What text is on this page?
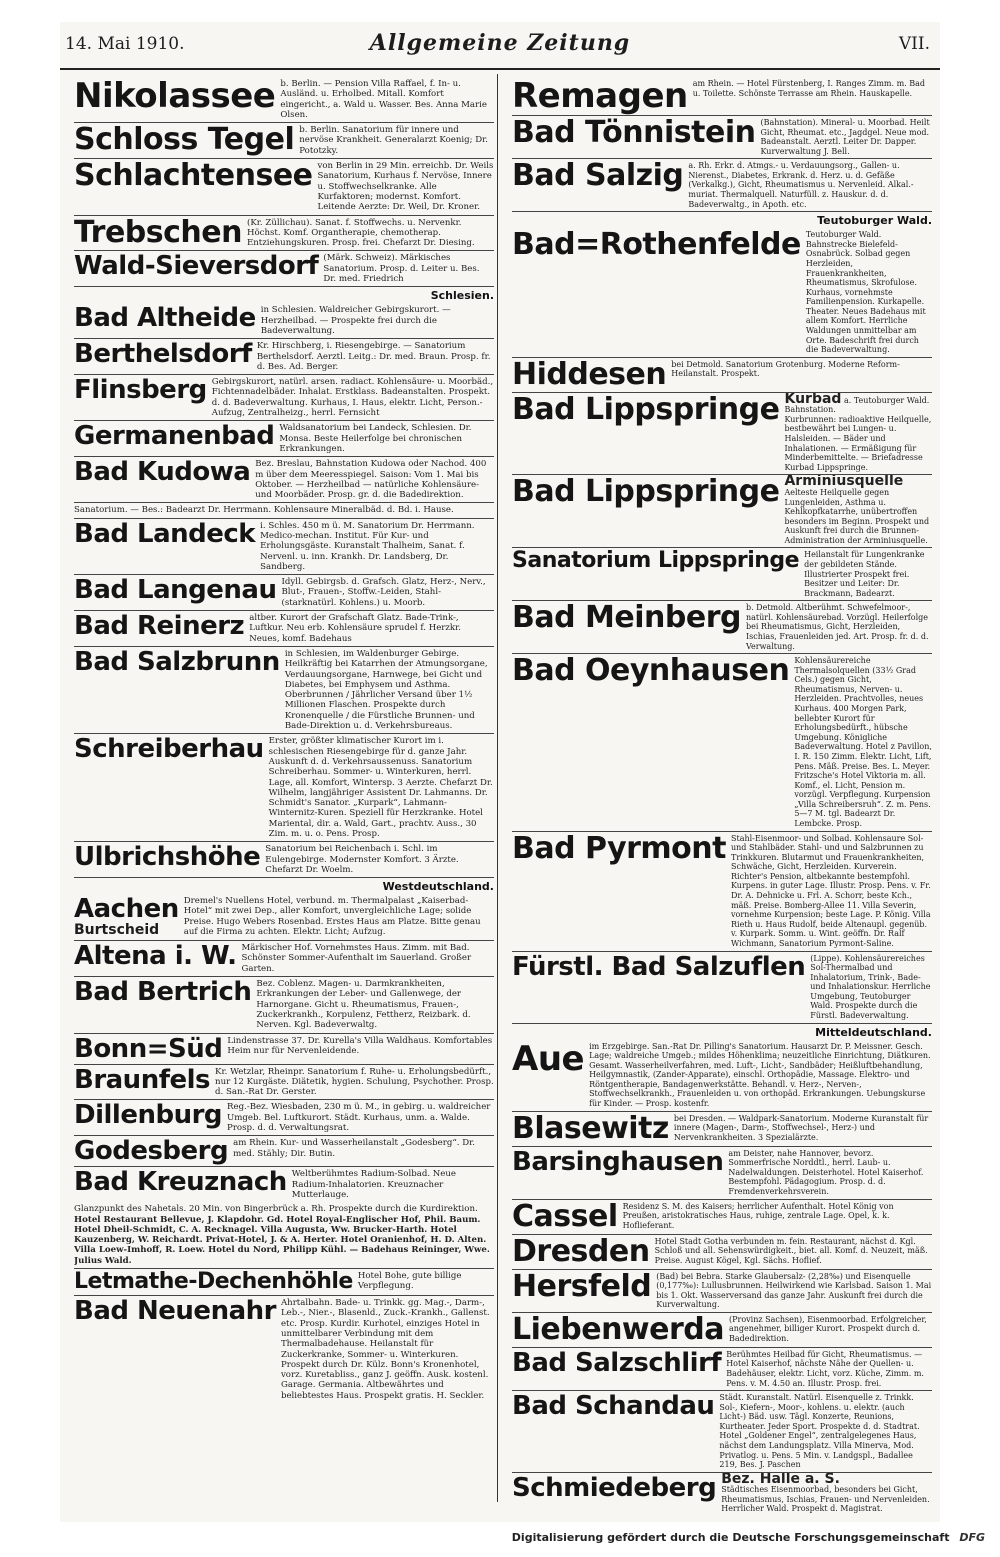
14. Mai 1910.	Allgemeine Zeitung	VII.
Nikolassee b. Berlin. — Pension Villa Raffael, f. In- u. Ausländ. u. Erholbed. Mitall. Komfort eingericht., a. Wald u. Wasser. Bes. Anna Marie Olsen.
Schloss Tegel b. Berlin. Sanatorium für innere und nervöse Krankheit. Generalarzt Koenig; Dr. Pototzky.
Schlachtensee von Berlin in 29 Min. erreichb. Dr. Weils Sanatorium, Kurhaus f. Nervöse, Innere u. Stoffwechselkranke. Alle Kurfaktoren; modernst. Komfort. Leitende Aerzte: Dr. Weil, Dr. Kroner.
Trebschen (Kr. Züllichau). Sanat. f. Stoffwechs. u. Nervenkr. Höchst. Komf. Organtherapie, chemotherap. Entziehungskuren. Prosp. frei. Chefarzt Dr. Diesing.
Wald-Sieversdorf (Märk. Schweiz). Märkisches Sanatorium. Prosp. d. Leiter u. Bes. Dr. med. Friedrich
Schlesien.
Bad Altheide in Schlesien. Waldreicher Gebirgskurort. — Herzheilbad. — Prospekte frei durch die Badeverwaltung.
Berthelsdorf Kr. Hirschberg, i. Riesengebirge. — Sanatorium Berthelsdorf. Aerztl. Leitg.: Dr. med. Braun. Prosp. fr. d. Bes. Ad. Berger.
Flinsberg Gebirgskurort, natürl. arsen. radiact. Kohlensäure- u. Moorbäd., Fichtennadelbäder. Inhalat. Erstklass. Badeanstalten. Prospekt. d. d. Badeverwaltung. Kurhaus, I. Haus, elektr. Licht, Person.-Aufzug, Zentralheizg., herrl. Fernsicht
Germanenbad Waldsanatorium bei Landeck, Schlesien. Dr. Monsa. Beste Heilerfolge bei chronischen Erkrankungen.
Bad Kudowa Bez. Breslau, Bahnstation Kudowa oder Nachod. 400 m über dem Meeresspiegel. Saison: Vom 1. Mai bis Oktober. — Herzheilbad — natürliche Kohlensäure- und Moorbäder. Prosp. gr. d. die Badedirektion.
Sanatorium. — Bes.: Badearzt Dr. Herrmann. Kohlensaure Mineralbäd. d. Bd. i. Hause.
Bad Landeck i. Schles. 450 m ü. M. Sanatorium Dr. Herrmann. Medico-mechan. Institut. Für Kur- und Erholungsgäste. Kuranstalt Thalheim, Sanat. f. Nervenl. u. inn. Krankh. Dr. Landsberg, Dr. Sandberg.
Bad Langenau Idyll. Gebirgsb. d. Grafsch. Glatz, Herz-, Nerv., Blut-, Frauen-, Stoffw.-Leiden, Stahl- (starknatürl. Kohlens.) u. Moorb.
Bad Reinerz altber. Kurort der Grafschaft Glatz. Bade-Trink-, Luftkur. Neu erb. Kohlensäure sprudel f. Herzkr. Neues, komf. Badehaus
Bad Salzbrunn in Schlesien, im Waldenburger Gebirge. Heilkräftig bei Katarrhen der Atmungsorgane, Verdauungsorgane, Harnwege, bei Gicht und Diabetes, bei Emphysem und Asthma. Oberbrunnen / Jährlicher Versand über 1½ Millionen Flaschen. Prospekte durch Kronenquelle / die Fürstliche Brunnen- und Bade-Direktion u. d. Verkehrsbureaus.
Schreiberhau Erster, größter klimatischer Kurort im i. schlesischen Riesengebirge für d. ganze Jahr. Auskunft d. d. Verkehrsaussenuss. Sanatorium Schreiberhau. Sommer- u. Winterkuren, herrl. Lage, all. Komfort, Wintersp. 3 Aerzte. Chefarzt Dr. Wilhelm, langjähriger Assistent Dr. Lahmanns. Dr. Schmidt's Sanator. „Kurpark“, Lahmann-Winternitz-Kuren. Speziell für Herzkranke. Hotel Mariental, dir. a. Wald, Gart., prachtv. Auss., 30 Zim. m. u. o. Pens. Prosp.
Ulbrichshöhe Sanatorium bei Reichenbach i. Schl. im Eulengebirge. Modernster Komfort. 3 Ärzte. Chefarzt Dr. Woelm.
Westdeutschland.
Aachen
Burtscheid
Dremel's Nuellens Hotel, verbund. m. Thermalpalast „Kaiserbad-Hotel“ mit zwei Dep., aller Komfort, unvergleichliche Lage; solide Preise. Hugo Webers Rosenbad. Erstes Haus am Platze. Bitte genau auf die Firma zu achten. Elektr. Licht; Aufzug.
Altena i. W. Märkischer Hof. Vornehmstes Haus. Zimm. mit Bad. Schönster Sommer-Aufenthalt im Sauerland. Großer Garten.
Bad Bertrich Bez. Coblenz. Magen- u. Darmkrankheiten, Erkrankungen der Leber- und Gallenwege, der Harnorgane. Gicht u. Rheumatismus, Frauen-, Zuckerkrankh., Korpulenz, Fettherz, Reizbark. d. Nerven. Kgl. Badeverwaltg.
Bonn=Süd Lindenstrasse 37. Dr. Kurella's Villa Waldhaus. Komfortables Heim nur für Nervenleidende.
Braunfels Kr. Wetzlar, Rheinpr. Sanatorium f. Ruhe- u. Erholungsbedürft., nur 12 Kurgäste. Diätetik, hygien. Schulung, Psychother. Prosp. d. San.-Rat Dr. Gerster.
Dillenburg Reg.-Bez. Wiesbaden, 230 m ü. M., in gebirg. u. waldreicher Umgeb. Bel. Luftkurort. Städt. Kurhaus, unm. a. Walde. Prosp. d. d. Verwaltungsrat.
Godesberg am Rhein. Kur- und Wasserheilanstalt „Godesberg“. Dr. med. Stähly; Dir. Butin.
Bad Kreuznach Weltberühmtes Radium-Solbad. Neue Radium-Inhalatorien. Kreuznacher Mutterlauge.
Glanzpunkt des Nahetals. 20 Min. von Bingerbrück a. Rh. Prospekte durch die Kurdirektion.
Hotel Restaurant Bellevue, J. Klapdohr. Gd. Hotel Royal-Englischer Hof, Phil. Baum. Hotel Dheil-Schmidt, C. A. Recknagel. Villa Augusta, Ww. Brucker-Harth. Hotel Kauzenberg, W. Reichardt. Privat-Hotel, J. & A. Herter. Hotel Oranienhof, H. D. Alten. Villa Loew-Imhoff, R. Loew. Hotel du Nord, Philipp Kühl. — Badehaus Reininger, Wwe. Julius Wald.
Letmathe-Dechenhöhle Hotel Bohe, gute billige Verpflegung.
Bad Neuenahr Ahrtalbahn. Bade- u. Trinkk. gg. Mag.-, Darm-, Leb.-, Nier.-, Blasenld., Zuck.-Krankh., Gallenst. etc. Prosp. Kurdir. Kurhotel, einziges Hotel in unmittelbarer Verbindung mit dem Thermalbadehause. Heilanstalt für Zuckerkranke, Sommer- u. Winterkuren. Prospekt durch Dr. Külz. Bonn's Kronenhotel, vorz. Kuretabliss., ganz J. geöffn. Ausk. kostenl. Garage. Germania. Altbewährtes und beliebtestes Haus. Prospekt gratis. H. Seckler.
Remagen am Rhein. — Hotel Fürstenberg, I. Ranges Zimm. m. Bad u. Toilette. Schönste Terrasse am Rhein. Hauskapelle.
Bad Tönnistein (Bahnstation). Mineral- u. Moorbad. Heilt Gicht, Rheumat. etc., Jagdgel. Neue mod. Badeanstalt. Aerztl. Leiter Dr. Dapper. Kurverwaltung J. Bell.
Bad Salzig a. Rh. Erkr. d. Atmgs.- u. Verdauungsorg., Gallen- u. Nierenst., Diabetes, Erkrank. d. Herz. u. d. Gefäße (Verkalkg.), Gicht, Rheumatismus u. Nervenleid. Alkal.-muriat. Thermalquell. Naturfüll. z. Hauskur. d. d. Badeverwaltg., in Apoth. etc.
Teutoburger Wald.
Bad=Rothenfelde Teutoburger Wald. Bahnstrecke Bielefeld-Osnabrück. Solbad gegen Herzleiden, Frauenkrankheiten, Rheumatismus, Skrofulose. Kurhaus, vornehmste Familienpension. Kurkapelle. Theater. Neues Badehaus mit allem Komfort. Herrliche Waldungen unmittelbar am Orte. Badeschrift frei durch die Badeverwaltung.
Hiddesen bei Detmold. Sanatorium Grotenburg. Moderne Reform-Heilanstalt. Prospekt.
Bad Lippspringe Kurbad a. Teutoburger Wald. Bahnstation.
Kurbrunnen: radioaktive Heilquelle, bestbewährt bei Lungen- u. Halsleiden. — Bäder und Inhalationen. — Ermäßigung für Minderbemittelte. — Briefadresse Kurbad Lippspringe.
Bad Lippspringe Arminiusquelle
Aelteste Heilquelle gegen Lungenleiden, Asthma u. Kehlkopfkatarrhe, unübertroffen besonders im Beginn. Prospekt und Auskunft frei durch die Brunnen-Administration der Arminiusquelle.
Sanatorium Lippspringe Heilanstalt für Lungenkranke der gebildeten Stände. Illustrierter Prospekt frei. Besitzer und Leiter: Dr. Brackmann, Badearzt.
Bad Meinberg b. Detmold. Altberühmt. Schwefelmoor-, natürl. Kohlensäurebad. Vorzügl. Heilerfolge bei Rheumatismus, Gicht, Herzleiden, Ischias, Frauenleiden jed. Art. Prosp. fr. d. d. Verwaltung.
Bad Oeynhausen Kohlensäurereiche Thermalsolquellen (33½ Grad Cels.) gegen Gicht, Rheumatismus, Nerven- u. Herzleiden. Prachtvolles, neues Kurhaus. 400 Morgen Park, bellebter Kurort für Erholungsbedürft., hübsche Umgebung. Königliche Badeverwaltung. Hotel z Pavillon, I. R. 150 Zimm. Elektr. Licht, Lift, Pens. Mäß. Preise. Bes. L. Meyer. Fritzsche's Hotel Viktoria m. all. Komf., el. Licht, Pension m. vorzügl. Verpflegung. Kurpension „Villa Schreibersruh“. Z. m. Pens. 5—7 M. tgl. Badearzt Dr. Lembcke. Prosp.
Bad Pyrmont Stahl-Eisenmoor- und Solbad. Kohlensaure Sol- und Stahlbäder. Stahl- und und Salzbrunnen zu Trinkkuren. Blutarmut und Frauenkrankheiten, Schwäche, Gicht, Herzleiden. Kurverein. Richter's Pension, altbekannte bestempfohl. Kurpens. in guter Lage. Illustr. Prosp. Pens. v. Fr. Dr. A. Dehnicke u. Frl. A. Schorr, beste Kch., mäß. Preise. Bomberg-Allee 11. Villa Severin, vornehme Kurpension; beste Lage. P. König. Villa Rieth u. Haus Rudolf, beide Altenaupl. gegenüb. v. Kurpark. Somm. u. Wint. geöffn. Dr. Ralf Wichmann, Sanatorium Pyrmont-Saline.
Fürstl. Bad Salzuflen (Lippe). Kohlensäurereiches Sol-Thermalbad und Inhalatorium, Trink-, Bade- und Inhalationskur. Herrliche Umgebung, Teutoburger Wald. Prospekte durch die Fürstl. Badeverwaltung.
Mitteldeutschland.
Aue im Erzgebirge. San.-Rat Dr. Pilling's Sanatorium. Hausarzt Dr. P. Meissner. Gesch. Lage; waldreiche Umgeb.; mildes Höhenklima; neuzeitliche Einrichtung, Diätkuren. Gesamt. Wasserheilverfahren, med. Luft-, Licht-, Sandbäder; Heißluftbehandlung, Heilgymnastik, (Zander-Apparate), einschl. Orthopädie, Massage. Elektro- und Röntgentherapie, Bandagenwerkstätte. Behandl. v. Herz-, Nerven-, Stoffwechselkrankh., Frauenleiden u. von orthopäd. Erkrankungen. Uebungskurse für Kinder. — Prosp. kostenfr.
Blasewitz bei Dresden. — Waldpark-Sanatorium. Moderne Kuranstalt für innere (Magen-, Darm-, Stoffwechsel-, Herz-) und Nervenkrankheiten. 3 Spezialärzte.
Barsinghausen am Deister, nahe Hannover, bevorz. Sommerfrische Norddtl., herrl. Laub- u. Nadelwaldungen. Deisterhotel. Hotel Kaiserhof. Bestempfohl. Pädagogium. Prosp. d. d. Fremdenverkehrsverein.
Cassel Residenz S. M. des Kaisers; herrlicher Aufenthalt. Hotel König von Preußen, aristokratisches Haus, ruhige, zentrale Lage. Opel, k. k. Hoflieferant.
Dresden Hotel Stadt Gotha verbunden m. fein. Restaurant, nächst d. Kgl. Schloß und all. Sehenswürdigkeit., biet. all. Komf. d. Neuzeit, mäß. Preise. August Kögel, Kgl. Sächs. Hoflief.
Hersfeld (Bad) bei Bebra. Starke Glaubersalz- (2,28‰) und Eisenquelle (0,177‰): Lullusbrunnen. Heilwirkend wie Karlsbad. Saison 1. Mai bis 1. Okt. Wasserversand das ganze Jahr. Auskunft frei durch die Kurverwaltung.
Liebenwerda (Provinz Sachsen), Eisenmoorbad. Erfolgreicher, angenehmer, billiger Kurort. Prospekt durch d. Badedirektion.
Bad Salzschlirf Berühmtes Heilbad für Gicht, Rheumatismus. — Hotel Kaiserhof, nächste Nähe der Quellen- u. Badehäuser, elektr. Licht, vorz. Küche, Zimm. m. Pens. v. M. 4.50 an. Illustr. Prosp. frei.
Bad Schandau Städt. Kuranstalt. Natürl. Eisenquelle z. Trinkk. Sol-, Kiefern-, Moor-, kohlens. u. elektr. (auch Licht-) Bäd. usw. Tägl. Konzerte, Reunions, Kurtheater. Jeder Sport. Prospekte d. d. Stadtrat. Hotel „Goldener Engel“, zentralgelegenes Haus, nächst dem Landungsplatz. Villa Minerva, Mod. Privatlog. u. Pens. 5 Min. v. Landgspl., Badallee 219, Bes. J. Paschen
Schmiedeberg Bez. Halle a. S.
Städtisches Eisenmoorbad, besonders bei Gicht, Rheumatismus, Ischias, Frauen- und Nervenleiden. Herrlicher Wald. Prospekt d. Magistrat.
Digitalisierung gefördert durch die Deutsche Forschungsgemeinschaft DFG
